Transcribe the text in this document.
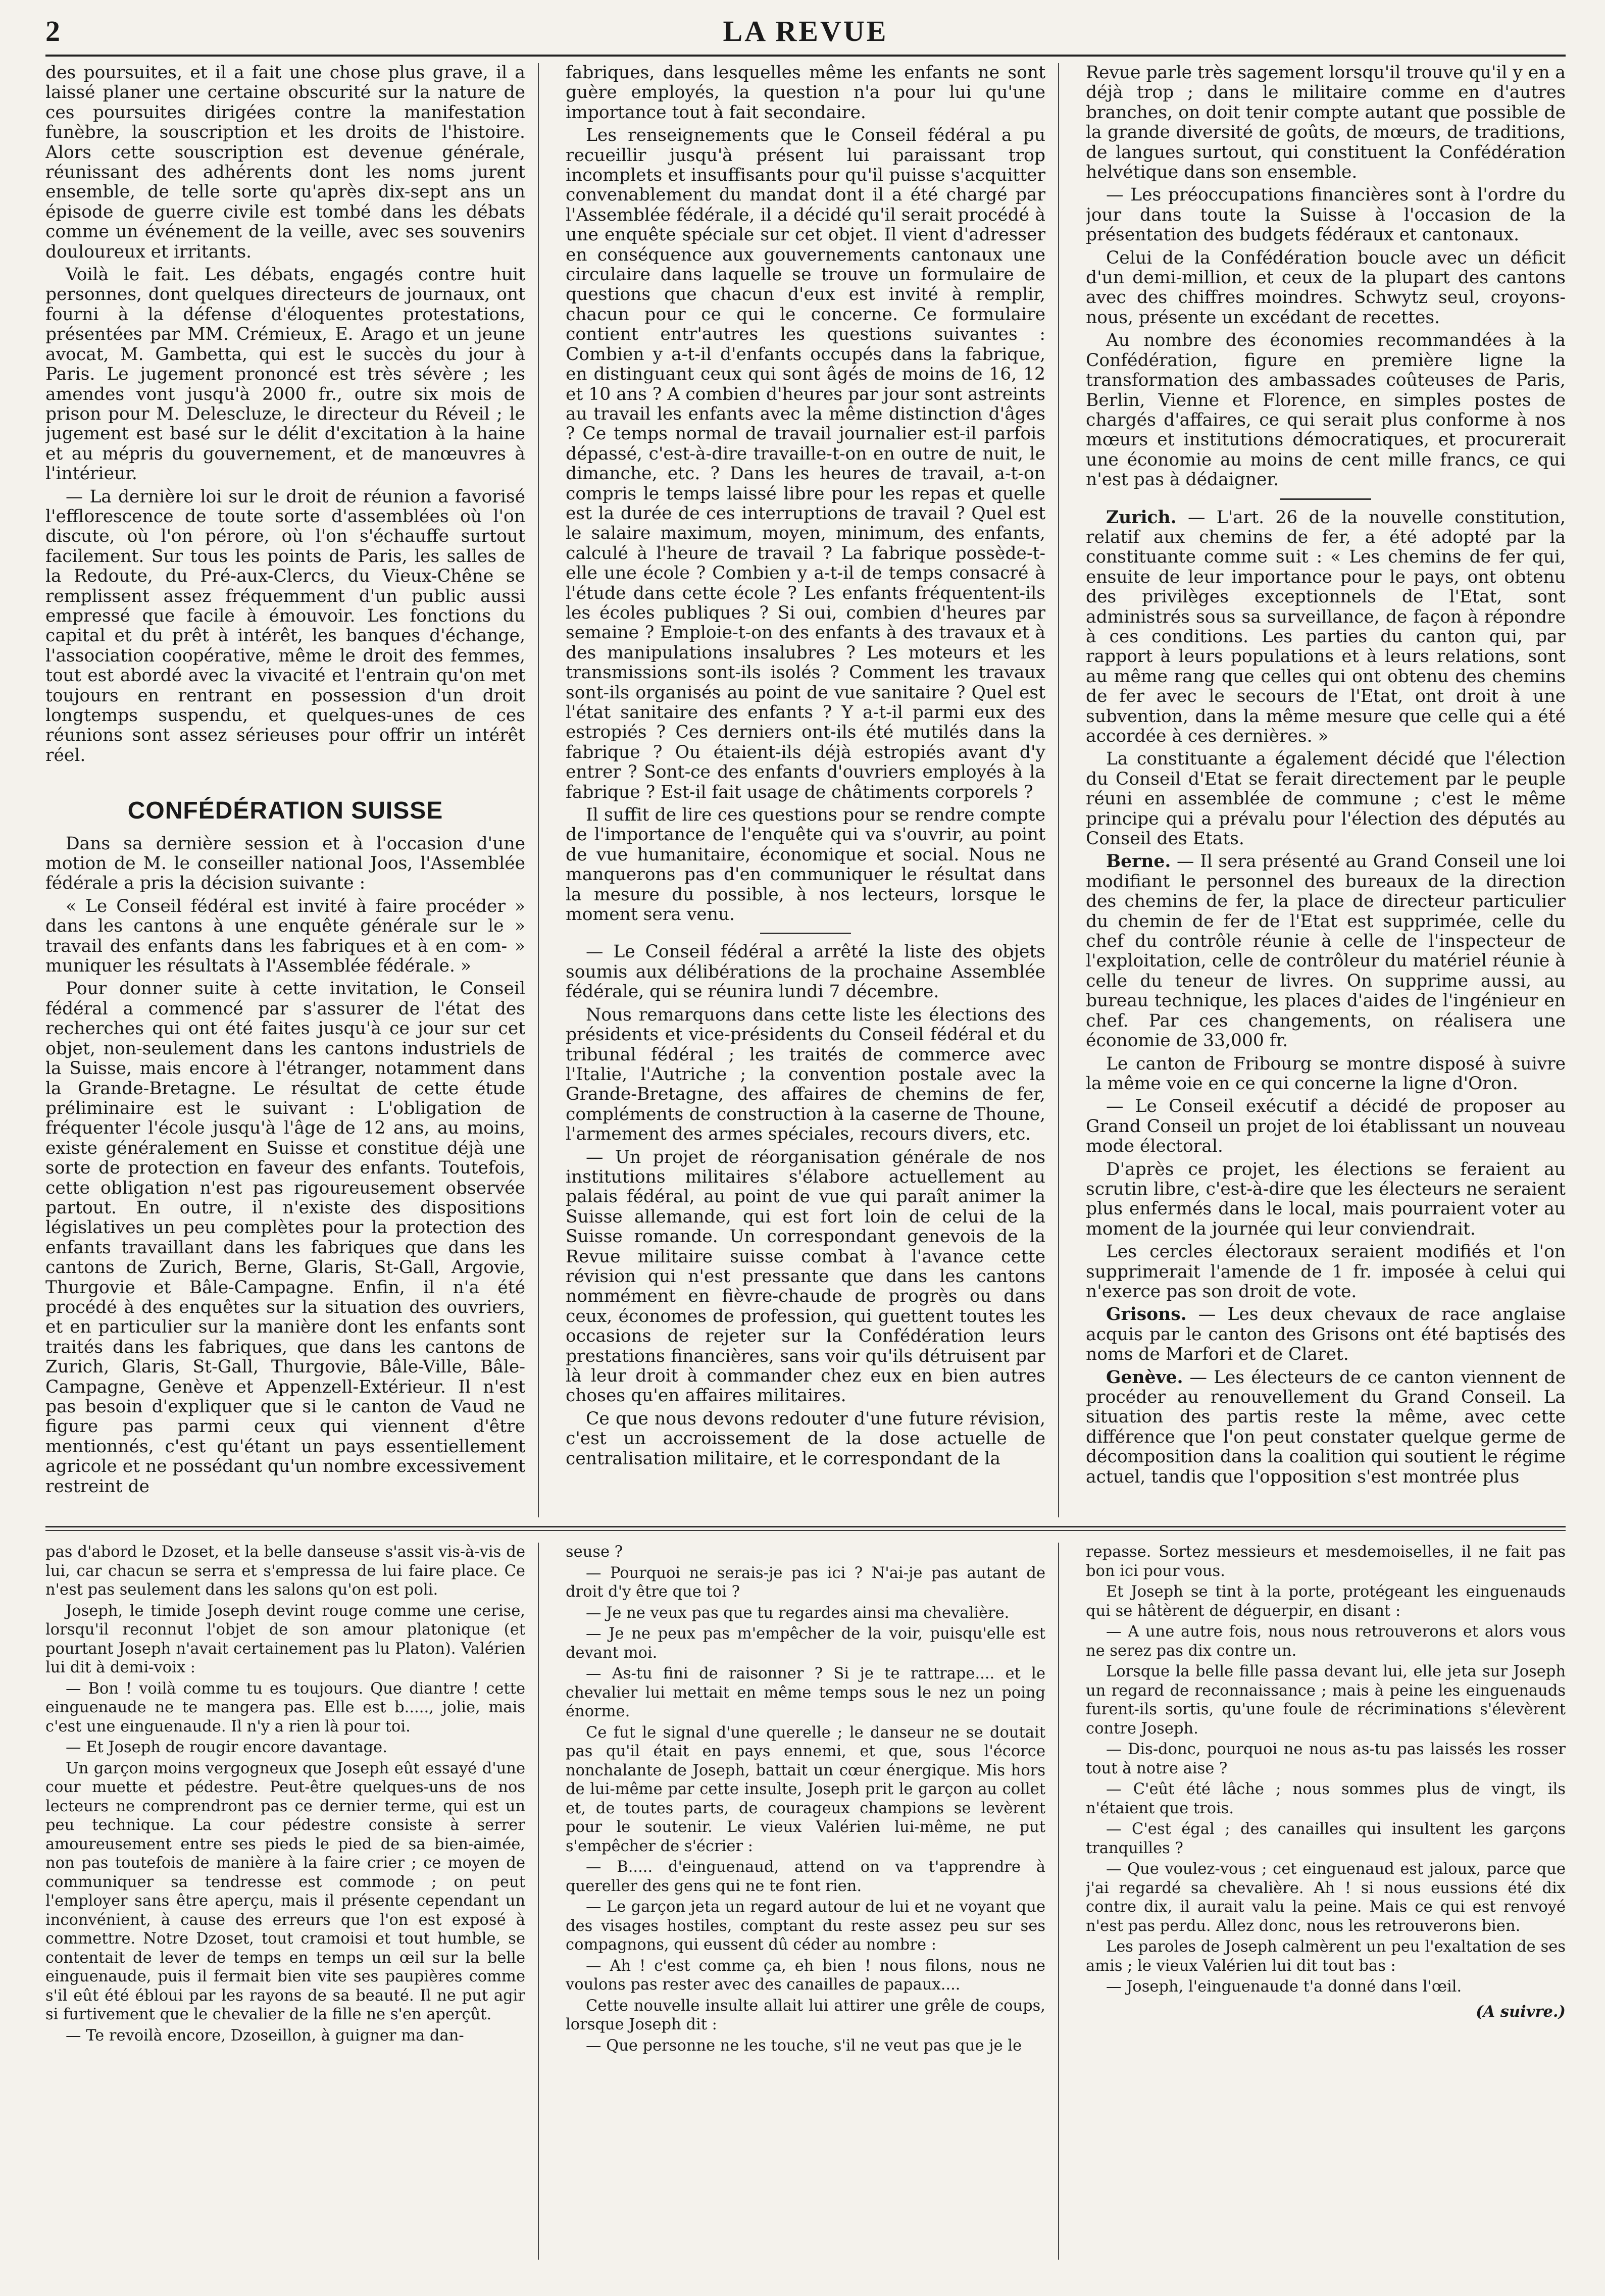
2	LA REVUE

des poursuites, et il a fait une chose plus grave, il a laissé planer une certaine obscurité sur la nature de ces poursuites dirigées contre la manifestation funèbre, la souscription et les droits de l'histoire. Alors cette souscription est devenue générale, réunissant des adhérents dont les noms jurent ensemble, de telle sorte qu'après dix-sept ans un épisode de guerre civile est tombé dans les débats comme un événement de la veille, avec ses souvenirs douloureux et irritants.

Voilà le fait. Les débats, engagés contre huit personnes, dont quelques directeurs de journaux, ont fourni à la défense d'éloquentes protestations, présentées par MM. Crémieux, E. Arago et un jeune avocat, M. Gambetta, qui est le succès du jour à Paris. Le jugement prononcé est très sévère ; les amendes vont jusqu'à 2000 fr., outre six mois de prison pour M. Delescluze, le directeur du Réveil ; le jugement est basé sur le délit d'excitation à la haine et au mépris du gouvernement, et de manœuvres à l'intérieur.

— La dernière loi sur le droit de réunion a favorisé l'efflorescence de toute sorte d'assemblées où l'on discute, où l'on pérore, où l'on s'échauffe surtout facilement. Sur tous les points de Paris, les salles de la Redoute, du Pré-aux-Clercs, du Vieux-Chêne se remplissent assez fréquemment d'un public aussi empressé que facile à émouvoir. Les fonctions du capital et du prêt à intérêt, les banques d'échange, l'association coopérative, même le droit des femmes, tout est abordé avec la vivacité et l'entrain qu'on met toujours en rentrant en possession d'un droit longtemps suspendu, et quelques-unes de ces réunions sont assez sérieuses pour offrir un intérêt réel.

CONFÉDÉRATION SUISSE

Dans sa dernière session et à l'occasion d'une motion de M. le conseiller national Joos, l'Assemblée fédérale a pris la décision suivante :

« Le Conseil fédéral est invité à faire procéder » dans les cantons à une enquête générale sur le » travail des enfants dans les fabriques et à en com- » muniquer les résultats à l'Assemblée fédérale. »

Pour donner suite à cette invitation, le Conseil fédéral a commencé par s'assurer de l'état des recherches qui ont été faites jusqu'à ce jour sur cet objet, non-seulement dans les cantons industriels de la Suisse, mais encore à l'étranger, notamment dans la Grande-Bretagne. Le résultat de cette étude préliminaire est le suivant : L'obligation de fréquenter l'école jusqu'à l'âge de 12 ans, au moins, existe généralement en Suisse et constitue déjà une sorte de protection en faveur des enfants. Toutefois, cette obligation n'est pas rigoureusement observée partout. En outre, il n'existe des dispositions législatives un peu complètes pour la protection des enfants travaillant dans les fabriques que dans les cantons de Zurich, Berne, Glaris, St-Gall, Argovie, Thurgovie et Bâle-Campagne. Enfin, il n'a été procédé à des enquêtes sur la situation des ouvriers, et en particulier sur la manière dont les enfants sont traités dans les fabriques, que dans les cantons de Zurich, Glaris, St-Gall, Thurgovie, Bâle-Ville, Bâle-Campagne, Genève et Appenzell-Extérieur. Il n'est pas besoin d'expliquer que si le canton de Vaud ne figure pas parmi ceux qui viennent d'être mentionnés, c'est qu'étant un pays essentiellement agricole et ne possédant qu'un nombre excessivement restreint de

fabriques, dans lesquelles même les enfants ne sont guère employés, la question n'a pour lui qu'une importance tout à fait secondaire.

Les renseignements que le Conseil fédéral a pu recueillir jusqu'à présent lui paraissant trop incomplets et insuffisants pour qu'il puisse s'acquitter convenablement du mandat dont il a été chargé par l'Assemblée fédérale, il a décidé qu'il serait procédé à une enquête spéciale sur cet objet. Il vient d'adresser en conséquence aux gouvernements cantonaux une circulaire dans laquelle se trouve un formulaire de questions que chacun d'eux est invité à remplir, chacun pour ce qui le concerne. Ce formulaire contient entr'autres les questions suivantes : Combien y a-t-il d'enfants occupés dans la fabrique, en distinguant ceux qui sont âgés de moins de 16, 12 et 10 ans ? A combien d'heures par jour sont astreints au travail les enfants avec la même distinction d'âges ? Ce temps normal de travail journalier est-il parfois dépassé, c'est-à-dire travaille-t-on en outre de nuit, le dimanche, etc. ? Dans les heures de travail, a-t-on compris le temps laissé libre pour les repas et quelle est la durée de ces interruptions de travail ? Quel est le salaire maximum, moyen, minimum, des enfants, calculé à l'heure de travail ? La fabrique possède-t-elle une école ? Combien y a-t-il de temps consacré à l'étude dans cette école ? Les enfants fréquentent-ils les écoles publiques ? Si oui, combien d'heures par semaine ? Emploie-t-on des enfants à des travaux et à des manipulations insalubres ? Les moteurs et les transmissions sont-ils isolés ? Comment les travaux sont-ils organisés au point de vue sanitaire ? Quel est l'état sanitaire des enfants ? Y a-t-il parmi eux des estropiés ? Ces derniers ont-ils été mutilés dans la fabrique ? Ou étaient-ils déjà estropiés avant d'y entrer ? Sont-ce des enfants d'ouvriers employés à la fabrique ? Est-il fait usage de châtiments corporels ?

Il suffit de lire ces questions pour se rendre compte de l'importance de l'enquête qui va s'ouvrir, au point de vue humanitaire, économique et social. Nous ne manquerons pas d'en communiquer le résultat dans la mesure du possible, à nos lecteurs, lorsque le moment sera venu.

— Le Conseil fédéral a arrêté la liste des objets soumis aux délibérations de la prochaine Assemblée fédérale, qui se réunira lundi 7 décembre.

Nous remarquons dans cette liste les élections des présidents et vice-présidents du Conseil fédéral et du tribunal fédéral ; les traités de commerce avec l'Italie, l'Autriche ; la convention postale avec la Grande-Bretagne, des affaires de chemins de fer, compléments de construction à la caserne de Thoune, l'armement des armes spéciales, recours divers, etc.

— Un projet de réorganisation générale de nos institutions militaires s'élabore actuellement au palais fédéral, au point de vue qui paraît animer la Suisse allemande, qui est fort loin de celui de la Suisse romande. Un correspondant genevois de la Revue militaire suisse combat à l'avance cette révision qui n'est pressante que dans les cantons nommément en fièvre-chaude de progrès ou dans ceux, économes de profession, qui guettent toutes les occasions de rejeter sur la Confédération leurs prestations financières, sans voir qu'ils détruisent par là leur droit à commander chez eux en bien autres choses qu'en affaires militaires.

Ce que nous devons redouter d'une future révision, c'est un accroissement de la dose actuelle de centralisation militaire, et le correspondant de la

Revue parle très sagement lorsqu'il trouve qu'il y en a déjà trop ; dans le militaire comme en d'autres branches, on doit tenir compte autant que possible de la grande diversité de goûts, de mœurs, de traditions, de langues surtout, qui constituent la Confédération helvétique dans son ensemble.

— Les préoccupations financières sont à l'ordre du jour dans toute la Suisse à l'occasion de la présentation des budgets fédéraux et cantonaux.

Celui de la Confédération boucle avec un déficit d'un demi-million, et ceux de la plupart des cantons avec des chiffres moindres. Schwytz seul, croyons-nous, présente un excédant de recettes.

Au nombre des économies recommandées à la Confédération, figure en première ligne la transformation des ambassades coûteuses de Paris, Berlin, Vienne et Florence, en simples postes de chargés d'affaires, ce qui serait plus conforme à nos mœurs et institutions démocratiques, et procurerait une économie au moins de cent mille francs, ce qui n'est pas à dédaigner.

Zurich. — L'art. 26 de la nouvelle constitution, relatif aux chemins de fer, a été adopté par la constituante comme suit : « Les chemins de fer qui, ensuite de leur importance pour le pays, ont obtenu des privilèges exceptionnels de l'Etat, sont administrés sous sa surveillance, de façon à répondre à ces conditions. Les parties du canton qui, par rapport à leurs populations et à leurs relations, sont au même rang que celles qui ont obtenu des chemins de fer avec le secours de l'Etat, ont droit à une subvention, dans la même mesure que celle qui a été accordée à ces dernières. »

La constituante a également décidé que l'élection du Conseil d'Etat se ferait directement par le peuple réuni en assemblée de commune ; c'est le même principe qui a prévalu pour l'élection des députés au Conseil des Etats.

Berne. — Il sera présenté au Grand Conseil une loi modifiant le personnel des bureaux de la direction des chemins de fer, la place de directeur particulier du chemin de fer de l'Etat est supprimée, celle du chef du contrôle réunie à celle de l'inspecteur de l'exploitation, celle de contrôleur du matériel réunie à celle du teneur de livres. On supprime aussi, au bureau technique, les places d'aides de l'ingénieur en chef. Par ces changements, on réalisera une économie de 33,000 fr.

Le canton de Fribourg se montre disposé à suivre la même voie en ce qui concerne la ligne d'Oron.

— Le Conseil exécutif a décidé de proposer au Grand Conseil un projet de loi établissant un nouveau mode électoral.

D'après ce projet, les élections se feraient au scrutin libre, c'est-à-dire que les électeurs ne seraient plus enfermés dans le local, mais pourraient voter au moment de la journée qui leur conviendrait.

Les cercles électoraux seraient modifiés et l'on supprimerait l'amende de 1 fr. imposée à celui qui n'exerce pas son droit de vote.

Grisons. — Les deux chevaux de race anglaise acquis par le canton des Grisons ont été baptisés des noms de Marfori et de Claret.

Genève. — Les électeurs de ce canton viennent de procéder au renouvellement du Grand Conseil. La situation des partis reste la même, avec cette différence que l'on peut constater quelque germe de décomposition dans la coalition qui soutient le régime actuel, tandis que l'opposition s'est montrée plus

pas d'abord le Dzoset, et la belle danseuse s'assit vis-à-vis de lui, car chacun se serra et s'empressa de lui faire place. Ce n'est pas seulement dans les salons qu'on est poli.

Joseph, le timide Joseph devint rouge comme une cerise, lorsqu'il reconnut l'objet de son amour platonique (et pourtant Joseph n'avait certainement pas lu Platon). Valérien lui dit à demi-voix :

— Bon ! voilà comme tu es toujours. Que diantre ! cette einguenaude ne te mangera pas. Elle est b....., jolie, mais c'est une einguenaude. Il n'y a rien là pour toi.

— Et Joseph de rougir encore davantage.

Un garçon moins vergogneux que Joseph eût essayé d'une cour muette et pédestre. Peut-être quelques-uns de nos lecteurs ne comprendront pas ce dernier terme, qui est un peu technique. La cour pédestre consiste à serrer amoureusement entre ses pieds le pied de sa bien-aimée, non pas toutefois de manière à la faire crier ; ce moyen de communiquer sa tendresse est commode ; on peut l'employer sans être aperçu, mais il présente cependant un inconvénient, à cause des erreurs que l'on est exposé à commettre. Notre Dzoset, tout cramoisi et tout humble, se contentait de lever de temps en temps un œil sur la belle einguenaude, puis il fermait bien vite ses paupières comme s'il eût été ébloui par les rayons de sa beauté. Il ne put agir si furtivement que le chevalier de la fille ne s'en aperçût.

— Te revoilà encore, Dzoseillon, à guigner ma dan-

seuse ?

— Pourquoi ne serais-je pas ici ? N'ai-je pas autant de droit d'y être que toi ?

— Je ne veux pas que tu regardes ainsi ma chevalière.

— Je ne peux pas m'empêcher de la voir, puisqu'elle est devant moi.

— As-tu fini de raisonner ? Si je te rattrape.... et le chevalier lui mettait en même temps sous le nez un poing énorme.

Ce fut le signal d'une querelle ; le danseur ne se doutait pas qu'il était en pays ennemi, et que, sous l'écorce nonchalante de Joseph, battait un cœur énergique. Mis hors de lui-même par cette insulte, Joseph prit le garçon au collet et, de toutes parts, de courageux champions se levèrent pour le soutenir. Le vieux Valérien lui-même, ne put s'empêcher de s'écrier :

— B..... d'einguenaud, attend on va t'apprendre à quereller des gens qui ne te font rien.

— Le garçon jeta un regard autour de lui et ne voyant que des visages hostiles, comptant du reste assez peu sur ses compagnons, qui eussent dû céder au nombre :

— Ah ! c'est comme ça, eh bien ! nous filons, nous ne voulons pas rester avec des canailles de papaux....

Cette nouvelle insulte allait lui attirer une grêle de coups, lorsque Joseph dit :

— Que personne ne les touche, s'il ne veut pas que je le

repasse. Sortez messieurs et mesdemoiselles, il ne fait pas bon ici pour vous.

Et Joseph se tint à la porte, protégeant les einguenauds qui se hâtèrent de déguerpir, en disant :

— A une autre fois, nous nous retrouverons et alors vous ne serez pas dix contre un.

Lorsque la belle fille passa devant lui, elle jeta sur Joseph un regard de reconnaissance ; mais à peine les einguenauds furent-ils sortis, qu'une foule de récriminations s'élevèrent contre Joseph.

— Dis-donc, pourquoi ne nous as-tu pas laissés les rosser tout à notre aise ?

— C'eût été lâche ; nous sommes plus de vingt, ils n'étaient que trois.

— C'est égal ; des canailles qui insultent les garçons tranquilles ?

— Que voulez-vous ; cet einguenaud est jaloux, parce que j'ai regardé sa chevalière. Ah ! si nous eussions été dix contre dix, il aurait valu la peine. Mais ce qui est renvoyé n'est pas perdu. Allez donc, nous les retrouverons bien.

Les paroles de Joseph calmèrent un peu l'exaltation de ses amis ; le vieux Valérien lui dit tout bas :

— Joseph, l'einguenaude t'a donné dans l'œil.

(A suivre.)
